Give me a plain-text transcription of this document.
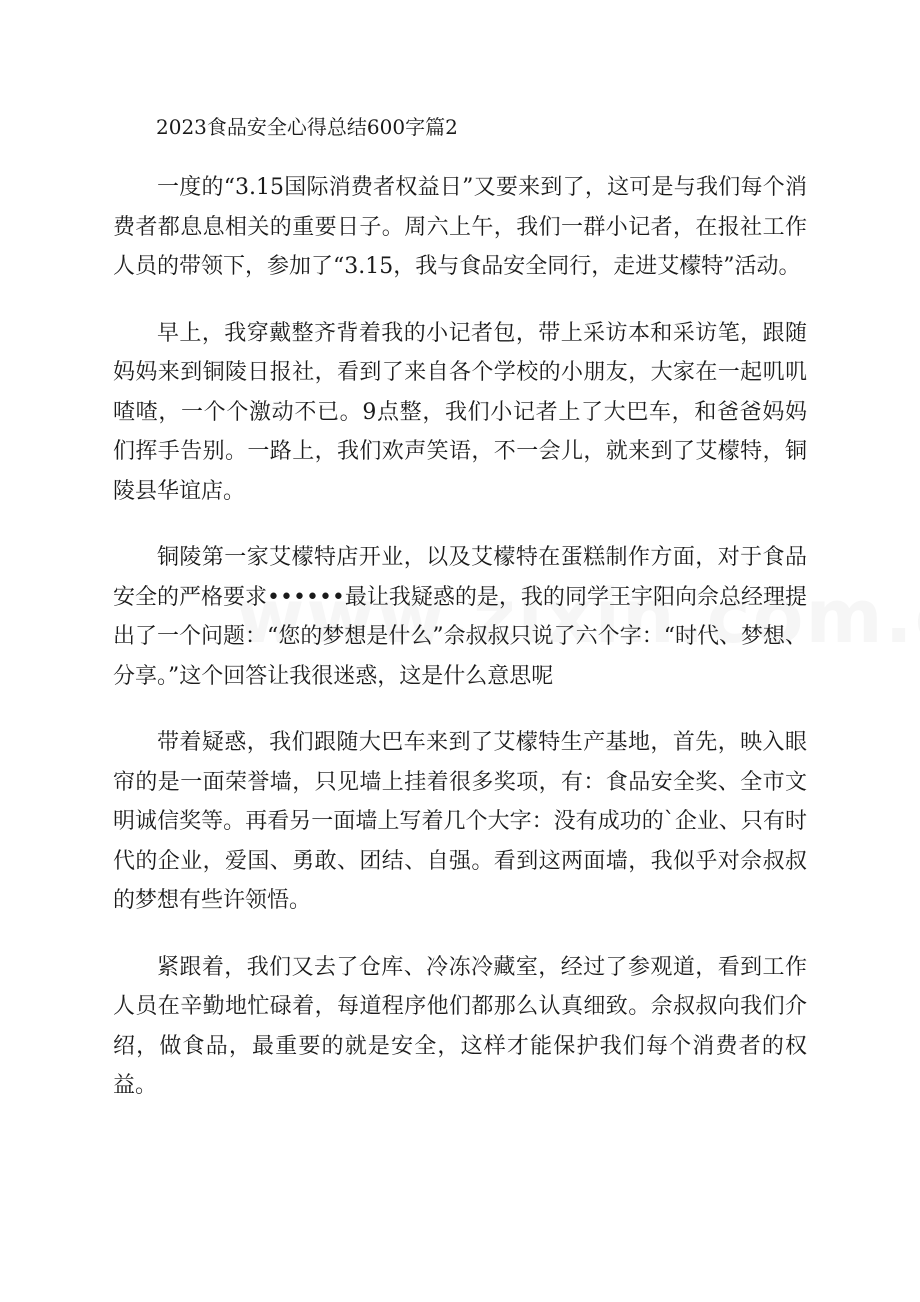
2023食品安全心得总结600字篇2

一度的“3.15国际消费者权益日”又要来到了，这可是与我们每个消费者都息息相关的重要日子。周六上午，我们一群小记者，在报社工作人员的带领下，参加了“3.15，我与食品安全同行，走进艾檬特”活动。

早上，我穿戴整齐背着我的小记者包，带上采访本和采访笔，跟随妈妈来到铜陵日报社，看到了来自各个学校的小朋友，大家在一起叽叽喳喳，一个个激动不已。9点整，我们小记者上了大巴车，和爸爸妈妈们挥手告别。一路上，我们欢声笑语，不一会儿，就来到了艾檬特，铜陵县华谊店。

铜陵第一家艾檬特店开业，以及艾檬特在蛋糕制作方面，对于食品安全的严格要求••••••最让我疑惑的是，我的同学王宇阳向佘总经理提出了一个问题：“您的梦想是什么”佘叔叔只说了六个字：“时代、梦想、分享。”这个回答让我很迷惑，这是什么意思呢

带着疑惑，我们跟随大巴车来到了艾檬特生产基地，首先，映入眼帘的是一面荣誉墙，只见墙上挂着很多奖项，有：食品安全奖、全市文明诚信奖等。再看另一面墙上写着几个大字：没有成功的`企业、只有时代的企业，爱国、勇敢、团结、自强。看到这两面墙，我似乎对佘叔叔的梦想有些许领悟。

紧跟着，我们又去了仓库、冷冻冷藏室，经过了参观道，看到工作人员在辛勤地忙碌着，每道程序他们都那么认真细致。佘叔叔向我们介绍，做食品，最重要的就是安全，这样才能保护我们每个消费者的权益。
